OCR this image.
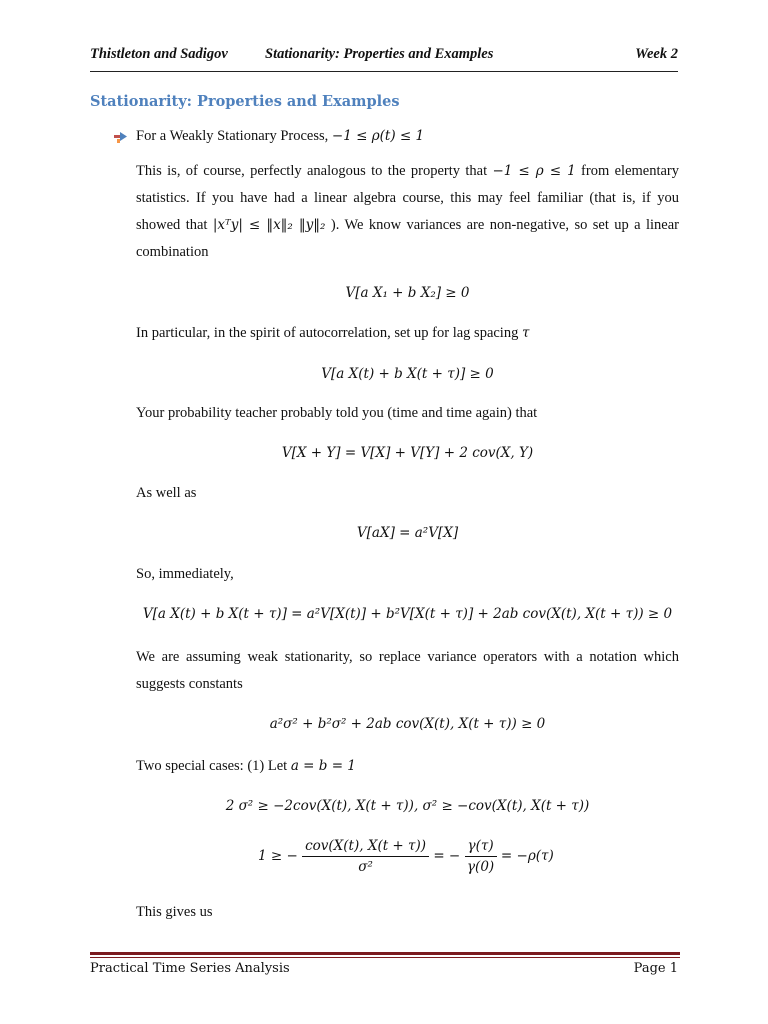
Thistleton and Sadigov	Stationarity: Properties and Examples	Week 2
Stationarity: Properties and Examples
For a Weakly Stationary Process, −1 ≤ ρ(t) ≤ 1
This is, of course, perfectly analogous to the property that −1 ≤ ρ ≤ 1 from elementary statistics. If you have had a linear algebra course, this may feel familiar (that is, if you showed that |xᵀy| ≤ ‖x‖₂ ‖y‖₂ ). We know variances are non-negative, so set up a linear combination
V[a X₁ + b X₂] ≥ 0
In particular, in the spirit of autocorrelation, set up for lag spacing τ
V[a X(t) + b X(t + τ)] ≥ 0
Your probability teacher probably told you (time and time again) that
V[X + Y] = V[X] + V[Y] + 2 cov(X, Y)
As well as
V[aX] = a²V[X]
So, immediately,
V[a X(t) + b X(t + τ)] = a²V[X(t)] + b²V[X(t + τ)] + 2ab cov(X(t), X(t + τ)) ≥ 0
We are assuming weak stationarity, so replace variance operators with a notation which suggests constants
a²σ² + b²σ² + 2ab cov(X(t), X(t + τ)) ≥ 0
Two special cases: (1) Let a = b = 1
2 σ² ≥ −2cov(X(t), X(t + τ)), σ² ≥ −cov(X(t), X(t + τ))
1 ≥ − $\frac{\text{cov(X(t), X(t + τ))}}{\text{σ²}}$ = − $\frac{\gamma(\tau)}{\gamma(0)} = -\rho(\tau)$
This gives us
Practical Time Series Analysis	Page 1
